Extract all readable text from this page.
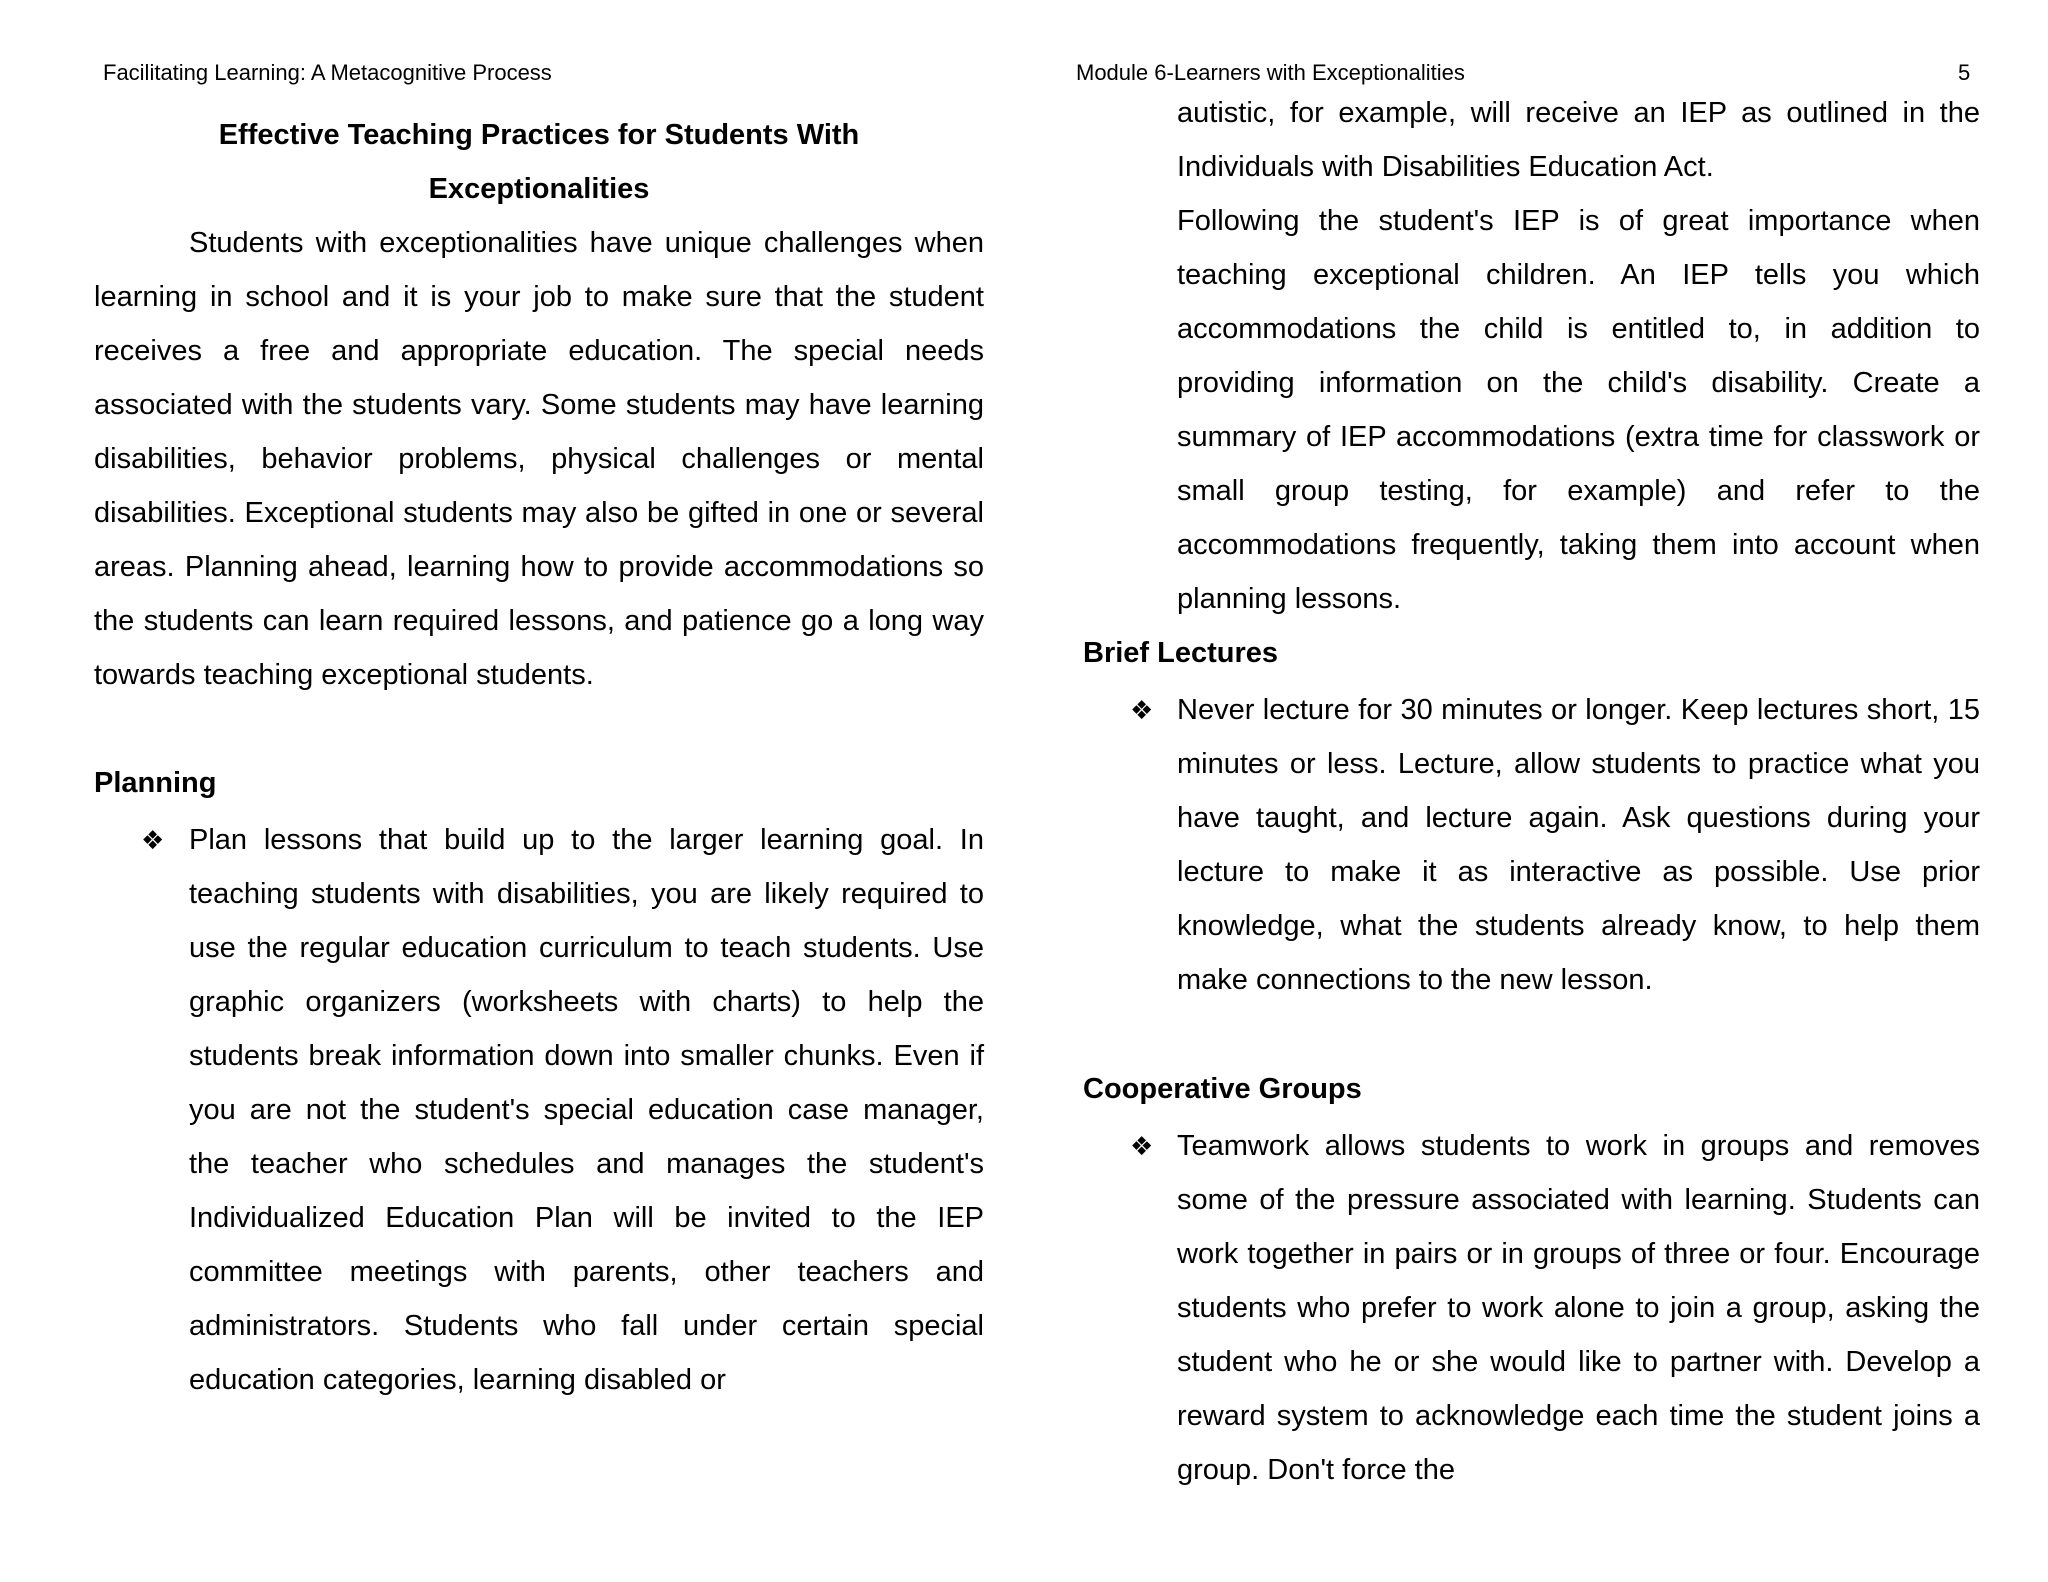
Facilitating Learning: A Metacognitive Process	Module 6-Learners with Exceptionalities	5
Effective Teaching Practices for Students With
Exceptionalities

Students with exceptionalities have unique challenges when learning in school and it is your job to make sure that the student receives a free and appropriate education. The special needs associated with the students vary. Some students may have learning disabilities, behavior problems, physical challenges or mental disabilities. Exceptional students may also be gifted in one or several areas. Planning ahead, learning how to provide accommodations so the students can learn required lessons, and patience go a long way towards teaching exceptional students.

Planning
❖ Plan lessons that build up to the larger learning goal. In teaching students with disabilities, you are likely required to use the regular education curriculum to teach students. Use graphic organizers (worksheets with charts) to help the students break information down into smaller chunks. Even if you are not the student's special education case manager, the teacher who schedules and manages the student's Individualized Education Plan will be invited to the IEP committee meetings with parents, other teachers and administrators. Students who fall under certain special education categories, learning disabled or

autistic, for example, will receive an IEP as outlined in the Individuals with Disabilities Education Act.

Following the student's IEP is of great importance when teaching exceptional children. An IEP tells you which accommodations the child is entitled to, in addition to providing information on the child's disability. Create a summary of IEP accommodations (extra time for classwork or small group testing, for example) and refer to the accommodations frequently, taking them into account when planning lessons.

Brief Lectures
❖ Never lecture for 30 minutes or longer. Keep lectures short, 15 minutes or less. Lecture, allow students to practice what you have taught, and lecture again. Ask questions during your lecture to make it as interactive as possible. Use prior knowledge, what the students already know, to help them make connections to the new lesson.

Cooperative Groups
❖ Teamwork allows students to work in groups and removes some of the pressure associated with learning. Students can work together in pairs or in groups of three or four. Encourage students who prefer to work alone to join a group, asking the student who he or she would like to partner with. Develop a reward system to acknowledge each time the student joins a group. Don't force the
